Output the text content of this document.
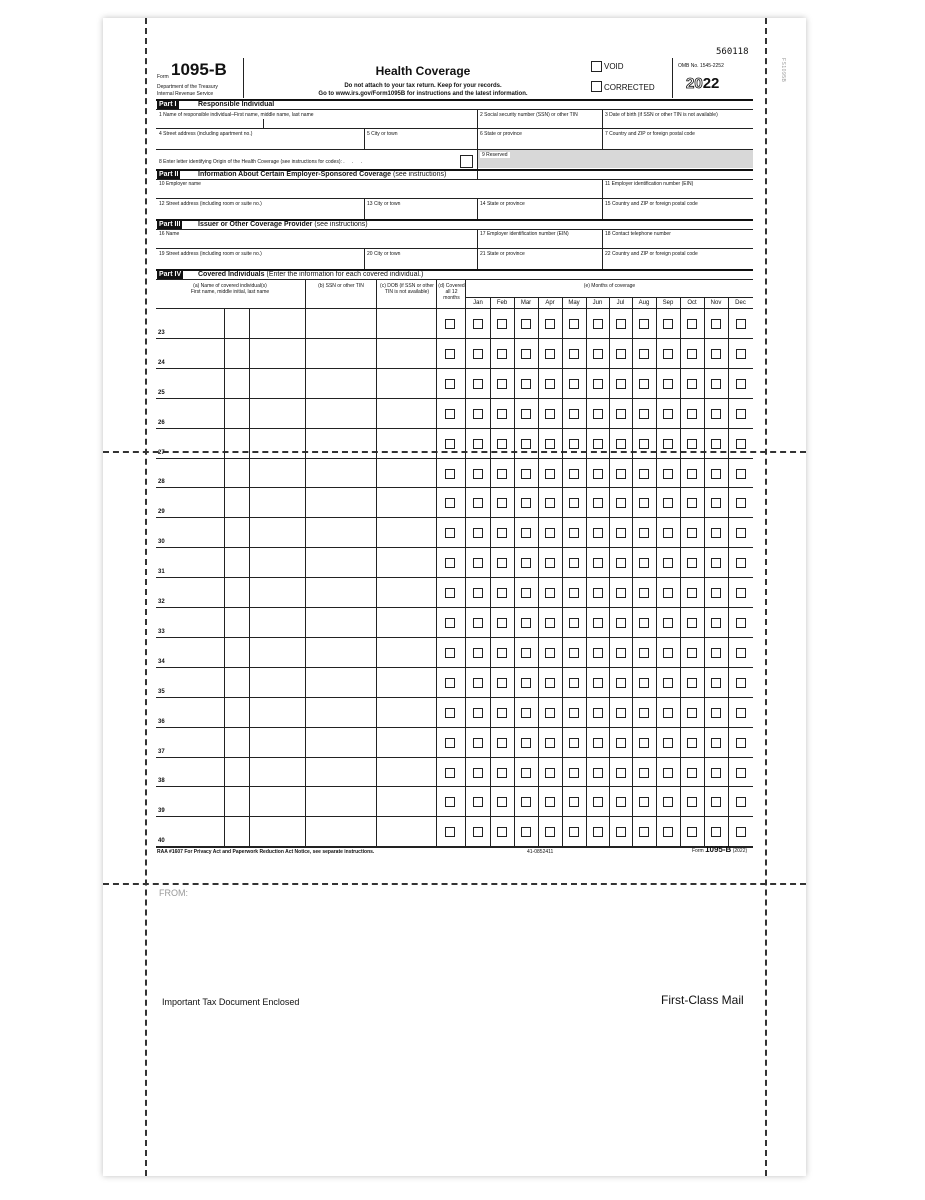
Form 1095-B
Department of the Treasury
Internal Revenue Service
Health Coverage
Do not attach to your tax return. Keep for your records.
Go to www.irs.gov/Form1095B for instructions and the latest information.
VOID
CORRECTED
560118
OMB No. 1545-2252
2022
FS1095B
Part I	Responsible Individual
1 Name of responsible individual–First name, middle name, last name	2 Social security number (SSN) or other TIN	3 Date of birth (if SSN or other TIN is not available)
4 Street address (including apartment no.)	5 City or town	6 State or province	7 Country and ZIP or foreign postal code
8 Enter letter identifying Origin of the Health Coverage (see instructions for codes): . . .
9 Reserved
Part II	Information About Certain Employer-Sponsored Coverage (see instructions)
10 Employer name	11 Employer identification number (EIN)
12 Street address (including room or suite no.)	13 City or town	14 State or province	15 Country and ZIP or foreign postal code
Part III	Issuer or Other Coverage Provider (see instructions)
16 Name	17 Employer identification number (EIN)	18 Contact telephone number
19 Street address (including room or suite no.)	20 City or town	21 State or province	22 Country and ZIP or foreign postal code
Part IV Covered Individuals (Enter the information for each covered individual.)
(a) Name of covered individual(s)
First name, middle initial, last name
(b) SSN or other TIN	(c) DOB (if SSN or other
TIN is not available)
(d) Covered
all 12 months
(e) Months of coverage
Jan	Feb	Mar	Apr	May	Jun	Jul	Aug	Sep	Oct	Nov	Dec
23
24
25
26
27
28
29
30
31
32
33
34
35
36
37
38
39
40
RAA #1607 For Privacy Act and Paperwork Reduction Act Notice, see separate instructions.	41-0852411	Form 1095-B (2022)
FROM:
Important Tax Document Enclosed	First-Class Mail
